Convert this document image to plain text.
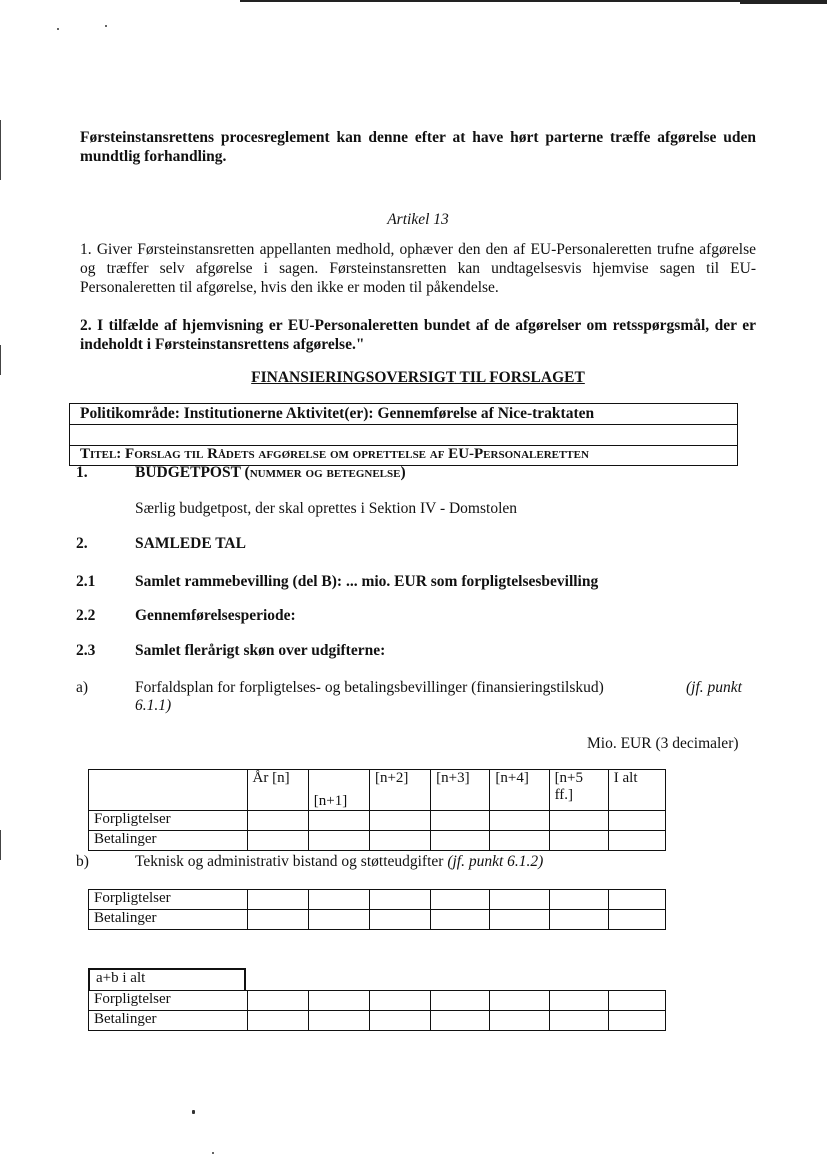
Førsteinstansrettens procesreglement kan denne efter at have hørt parterne træffe afgørelse uden mundtlig forhandling.
Artikel 13
1. Giver Førsteinstansretten appellanten medhold, ophæver den den af EU-Personaleretten trufne afgørelse og træffer selv afgørelse i sagen. Førsteinstansretten kan undtagelsesvis hjemvise sagen til EU-Personaleretten til afgørelse, hvis den ikke er moden til påkendelse.
2. I tilfælde af hjemvisning er EU-Personaleretten bundet af de afgørelser om retsspørgsmål, der er indeholdt i Førsteinstansrettens afgørelse."
FINANSIERINGSOVERSIGT TIL FORSLAGET
Politikområde: Institutionerne Aktivitet(er): Gennemførelse af Nice-traktaten
Titel: Forslag til Rådets afgørelse om oprettelse af EU-Personaleretten
1.	BUDGETPOST (nummer og betegnelse)
Særlig budgetpost, der skal oprettes i Sektion IV - Domstolen
2.	SAMLEDE TAL
2.1	Samlet rammebevilling (del B): ... mio. EUR som forpligtelsesbevilling
2.2	Gennemførelsesperiode:
2.3	Samlet flerårigt skøn over udgifterne:
a)	Forfaldsplan for forpligtelses- og betalingsbevillinger (finansieringstilskud)	(jf. punkt
6.1.1)
Mio. EUR (3 decimaler)
	År [n]	[n+1]	[n+2]	[n+3]	[n+4]	[n+5 ff.]	I alt
Forpligtelser							
Betalinger							
b)	Teknisk og administrativ bistand og støtteudgifter (jf. punkt 6.1.2)
Forpligtelser							
Betalinger							
a+b i alt
Forpligtelser							
Betalinger							
